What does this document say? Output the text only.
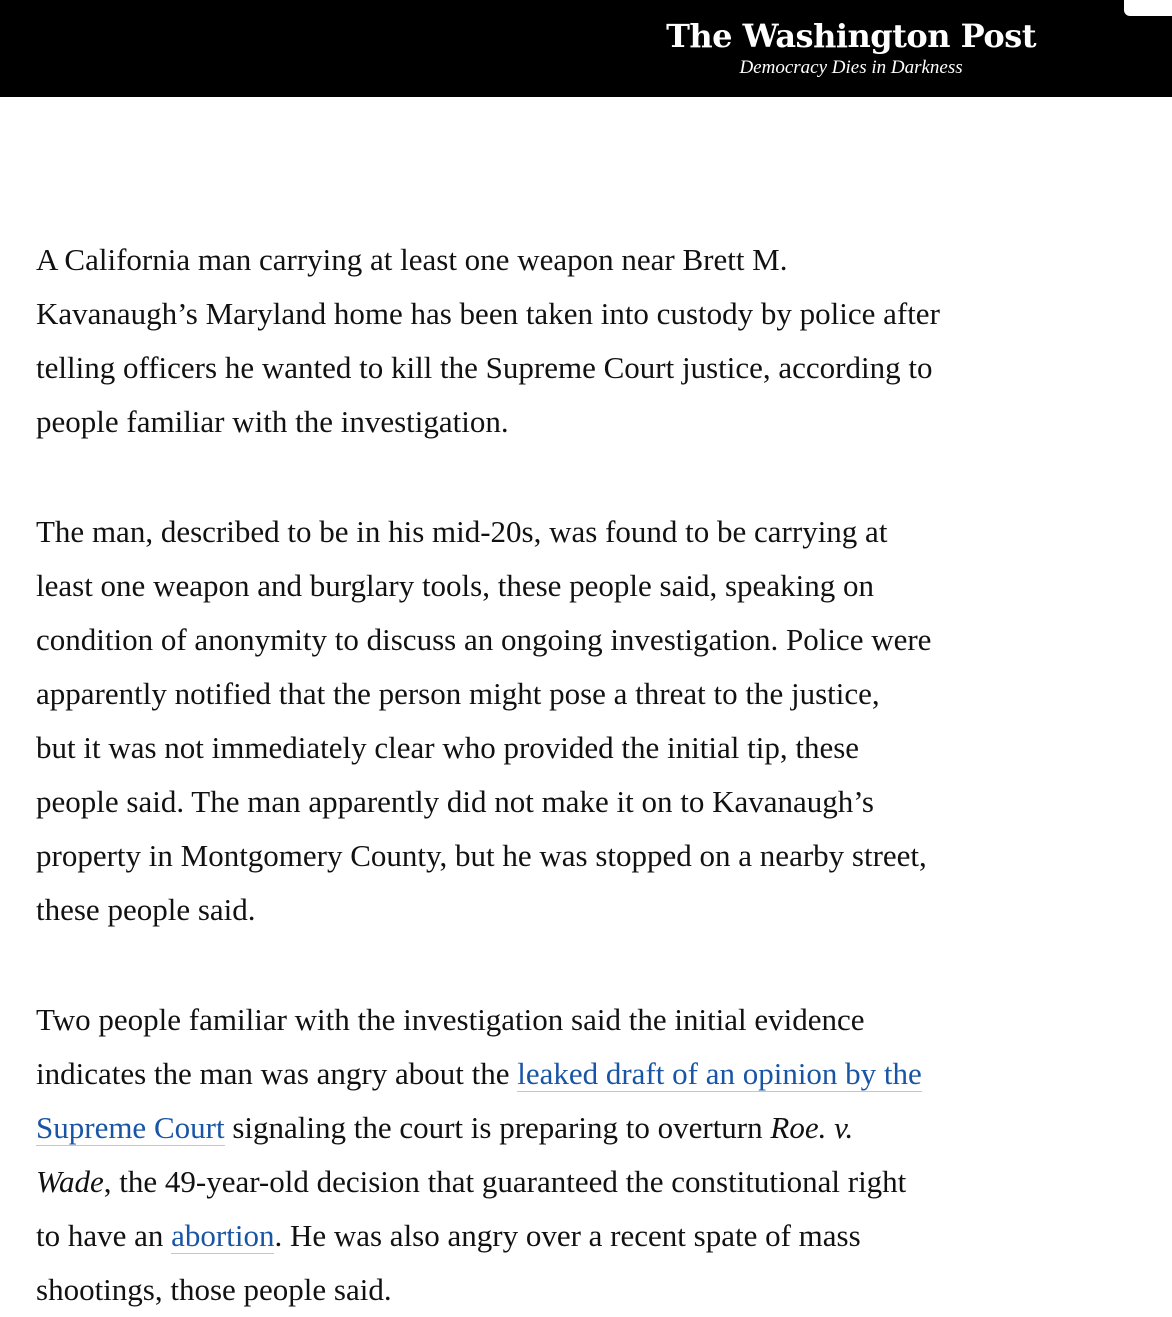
The Washington Post
Democracy Dies in Darkness

A California man carrying at least one weapon near Brett M.
Kavanaugh’s Maryland home has been taken into custody by police after
telling officers he wanted to kill the Supreme Court justice, according to
people familiar with the investigation.

The man, described to be in his mid-20s, was found to be carrying at
least one weapon and burglary tools, these people said, speaking on
condition of anonymity to discuss an ongoing investigation. Police were
apparently notified that the person might pose a threat to the justice,
but it was not immediately clear who provided the initial tip, these
people said. The man apparently did not make it on to Kavanaugh’s
property in Montgomery County, but he was stopped on a nearby street,
these people said.

Two people familiar with the investigation said the initial evidence
indicates the man was angry about the leaked draft of an opinion by the
Supreme Court signaling the court is preparing to overturn Roe. v.
Wade, the 49-year-old decision that guaranteed the constitutional right
to have an abortion. He was also angry over a recent spate of mass
shootings, those people said.
